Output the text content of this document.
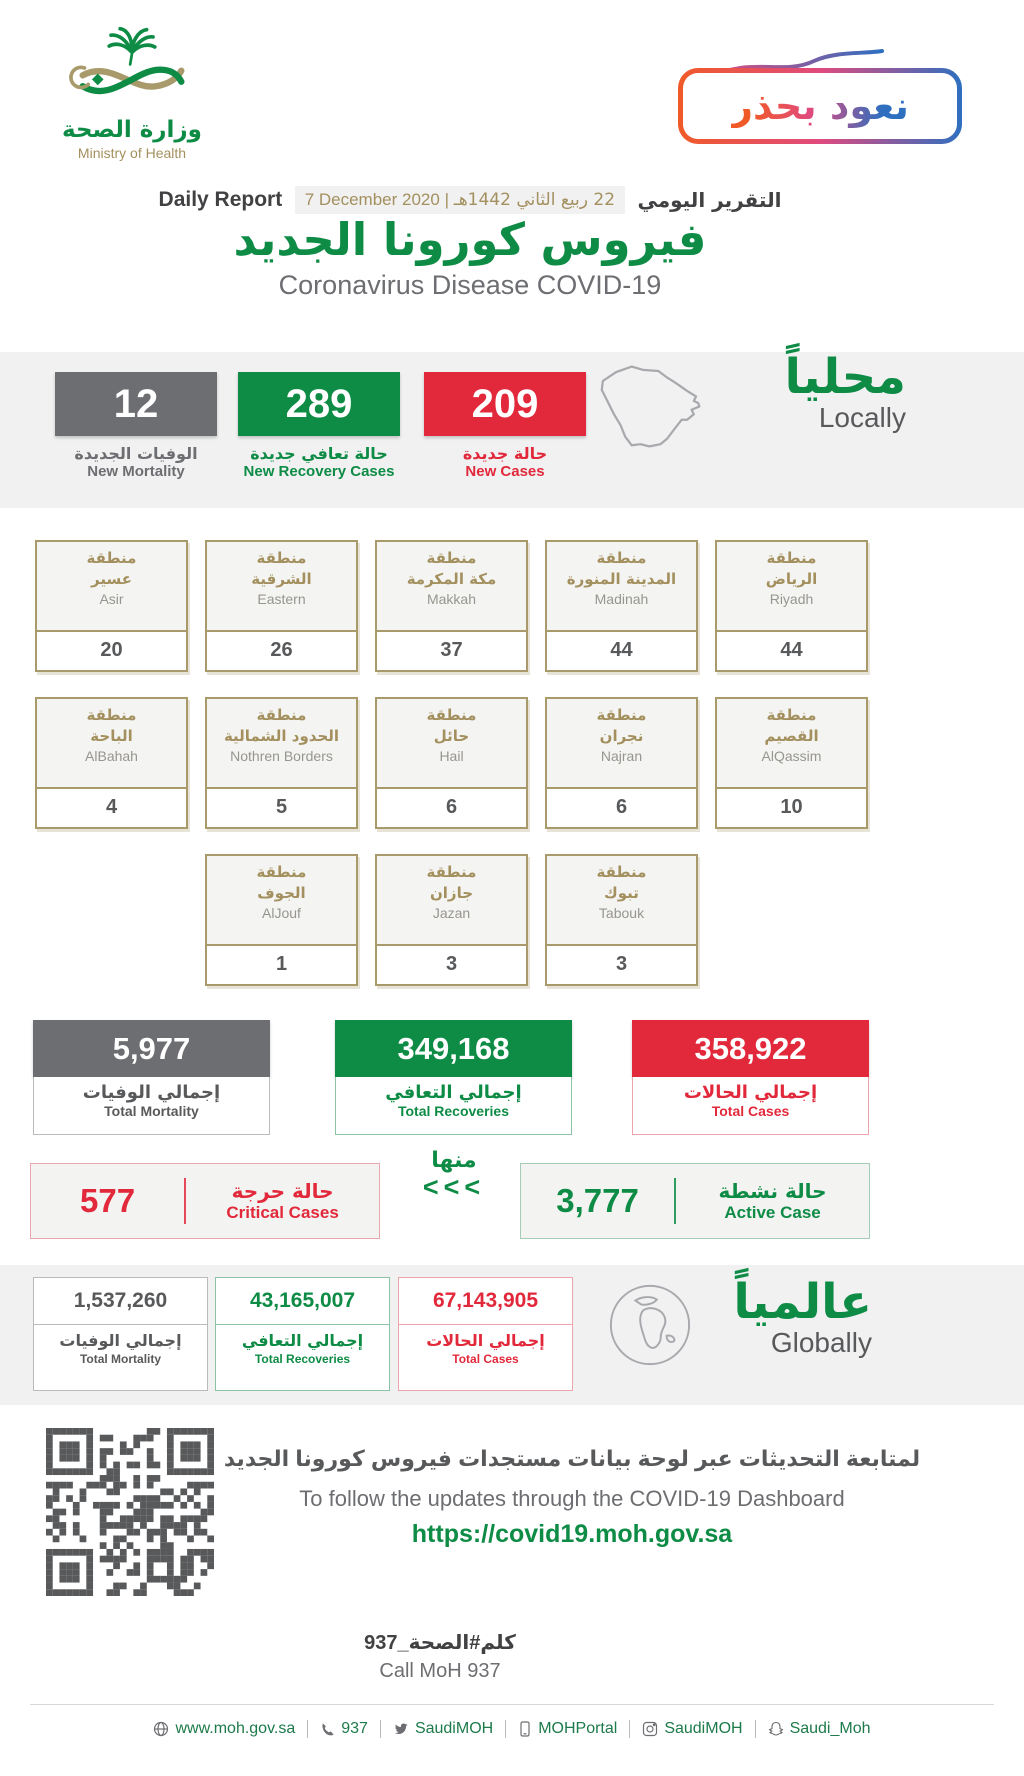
وزارة الصحة
Ministry of Health
نعود بحذر
Daily Report 7 December 2020 | 22 ربيع الثاني 1442هـ التقرير اليومي
فيروس كورونا الجديد
Coronavirus Disease COVID-19
12
الوفيات الجديدة
New Mortality
289
حالة تعافي جديدة
New Recovery Cases
209
حالة جديدة
New Cases
محلياً
Locally
منطقة
عسير
Asir
20
منطقة
الشرقية
Eastern
26
منطقة
مكة المكرمة
Makkah
37
منطقة
المدينة المنورة
Madinah
44
منطقة
الرياض
Riyadh
44
منطقة
الباحة
AlBahah
4
منطقة
الحدود الشمالية
Nothren Borders
5
منطقة
حائل
Hail
6
منطقة
نجران
Najran
6
منطقة
القصيم
AlQassim
10
منطقة
الجوف
AlJouf
1
منطقة
جازان
Jazan
3
منطقة
تبوك
Tabouk
3
5,977
إجمالي الوفيات
Total Mortality
349,168
إجمالي التعافي
Total Recoveries
358,922
إجمالي الحالات
Total Cases
577	حالة حرجة
Critical Cases
منها
<<<	3,777	حالة نشطة
Active Case
1,537,260
إجمالي الوفيات
Total Mortality
43,165,007
إجمالي التعافي
Total Recoveries
67,143,905
إجمالي الحالات
Total Cases
عالمياً
Globally
لمتابعة التحديثات عبر لوحة بيانات مستجدات فيروس كورونا الجديد
To follow the updates through the COVID-19 Dashboard
https://covid19.moh.gov.sa
كلم#الصحة_937
Call MoH 937
www.moh.gov.sa	937	SaudiMOH	MOHPortal	SaudiMOH	Saudi_Moh
